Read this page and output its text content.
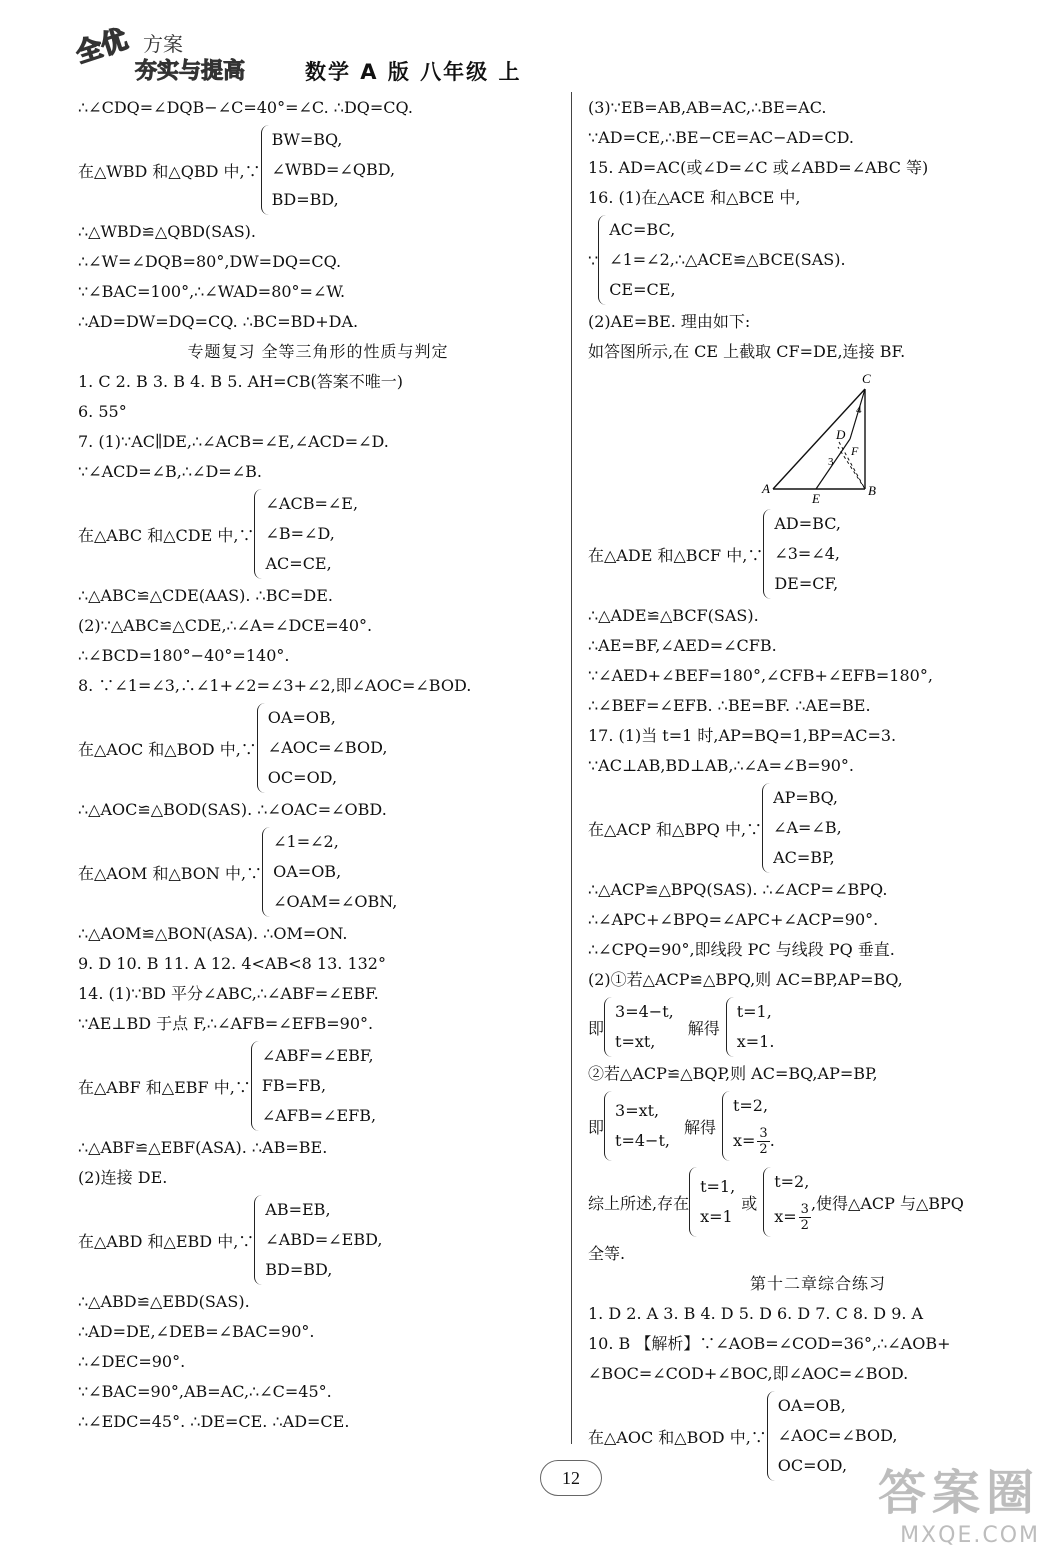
全优 方案
夯实与提高	数学 A 版 八年级 上
∴∠CDQ=∠DQB−∠C=40°=∠C. ∴DQ=CQ.
在△WBD 和△QBD 中,∵
BW=BQ,
∠WBD=∠QBD,
BD=BD,
∴△WBD≌△QBD(SAS).
∴∠W=∠DQB=80°,DW=DQ=CQ.
∵∠BAC=100°,∴∠WAD=80°=∠W.
∴AD=DW=DQ=CQ. ∴BC=BD+DA.
专题复习 全等三角形的性质与判定
1. C 2. B 3. B 4. B 5. AH=CB(答案不唯一)
6. 55°
7. (1)∵AC∥DE,∴∠ACB=∠E,∠ACD=∠D.
∵∠ACD=∠B,∴∠D=∠B.
在△ABC 和△CDE 中,∵
∠ACB=∠E,
∠B=∠D,
AC=CE,
∴△ABC≌△CDE(AAS). ∴BC=DE.
(2)∵△ABC≌△CDE,∴∠A=∠DCE=40°.
∴∠BCD=180°−40°=140°.
8. ∵∠1=∠3,∴∠1+∠2=∠3+∠2,即∠AOC=∠BOD.
在△AOC 和△BOD 中,∵
OA=OB,
∠AOC=∠BOD,
OC=OD,
∴△AOC≌△BOD(SAS). ∴∠OAC=∠OBD.
在△AOM 和△BON 中,∵
∠1=∠2,
OA=OB,
∠OAM=∠OBN,
∴△AOM≌△BON(ASA). ∴OM=ON.
9. D 10. B 11. A 12. 4<AB<8 13. 132°
14. (1)∵BD 平分∠ABC,∴∠ABF=∠EBF.
∵AE⊥BD 于点 F,∴∠AFB=∠EFB=90°.
在△ABF 和△EBF 中,∵
∠ABF=∠EBF,
FB=FB,
∠AFB=∠EFB,
∴△ABF≌△EBF(ASA). ∴AB=BE.
(2)连接 DE.
在△ABD 和△EBD 中,∵
AB=EB,
∠ABD=∠EBD,
BD=BD,
∴△ABD≌△EBD(SAS).
∴AD=DE,∠DEB=∠BAC=90°.
∴∠DEC=90°.
∵∠BAC=90°,AB=AC,∴∠C=45°.
∴∠EDC=45°. ∴DE=CE. ∴AD=CE.
(3)∵EB=AB,AB=AC,∴BE=AC.
∵AD=CE,∴BE−CE=AC−AD=CD.
15. AD=AC(或∠D=∠C 或∠ABD=∠ABC 等)
16. (1)在△ACE 和△BCE 中,
∵
AC=BC,
∠1=∠2,∴△ACE≌△BCE(SAS).
CE=CE,
(2)AE=BE. 理由如下:
如答图所示,在 CE 上截取 CF=DE,连接 BF.
C
D
F
A
E
B
3
4
在△ADE 和△BCF 中,∵
AD=BC,
∠3=∠4,
DE=CF,
∴△ADE≌△BCF(SAS).
∴AE=BF,∠AED=∠CFB.
∵∠AED+∠BEF=180°,∠CFB+∠EFB=180°,
∴∠BEF=∠EFB. ∴BE=BF. ∴AE=BE.
17. (1)当 t=1 时,AP=BQ=1,BP=AC=3.
∵AC⊥AB,BD⊥AB,∴∠A=∠B=90°.
在△ACP 和△BPQ 中,∵
AP=BQ,
∠A=∠B,
AC=BP,
∴△ACP≌△BPQ(SAS). ∴∠ACP=∠BPQ.
∴∠APC+∠BPQ=∠APC+∠ACP=90°.
∴∠CPQ=90°,即线段 PC 与线段 PQ 垂直.
(2)①若△ACP≌△BPQ,则 AC=BP,AP=BQ,
即
3=4−t,
t=xt,
解得
t=1,
x=1.
②若△ACP≌△BQP,则 AC=BQ,AP=BP,
即
3=xt,
t=4−t,
解得
t=2,
$x= \frac{3}{2}$ .
综上所述,存在
t=1,
x=1
或
t=2,
$x= \frac{3}{2}$ ,使得△ACP 与△BPQ
全等.
第十二章综合练习
1. D 2. A 3. B 4. D 5. D 6. D 7. C 8. D 9. A
10. B 【解析】∵∠AOB=∠COD=36°,∴∠AOB+
∠BOC=∠COD+∠BOC,即∠AOC=∠BOD.
在△AOC 和△BOD 中,∵
OA=OB,
∠AOC=∠BOD,
OC=OD,
12	答案圈
MXQE.COM
